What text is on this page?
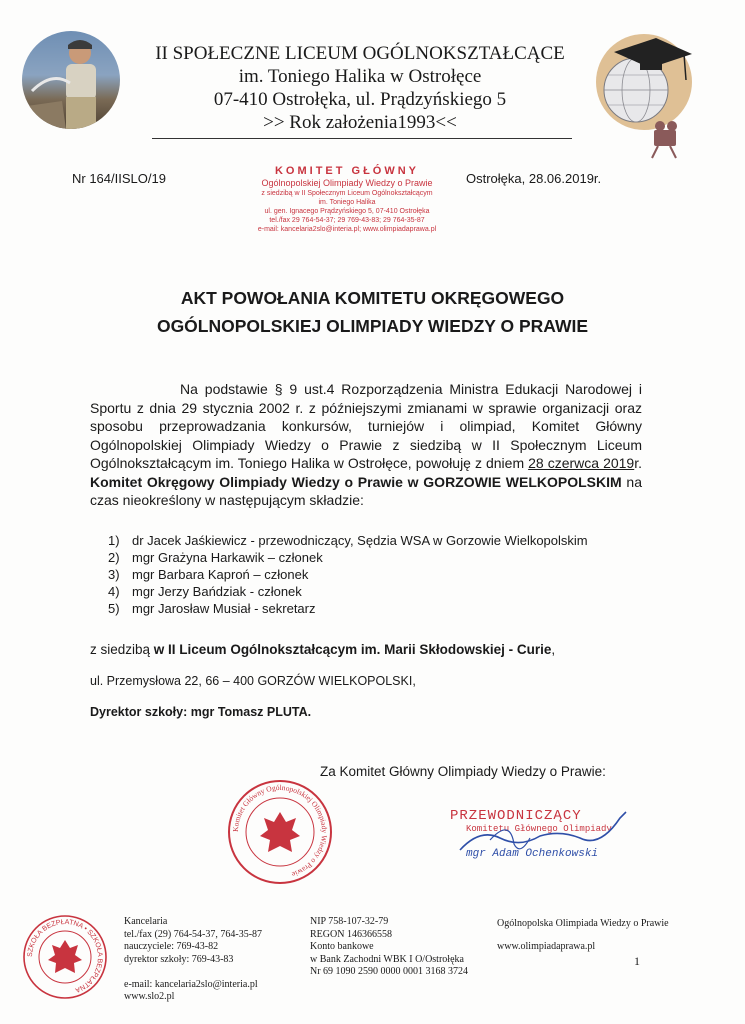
II SPOŁECZNE LICEUM OGÓLNOKSZTAŁCĄCE
im. Toniego Halika w Ostrołęce
07-410 Ostrołęka, ul. Prądzyńskiego 5
>> Rok założenia1993<<
Nr 164/IISLO/19	Ostrołęka, 28.06.2019r.
KOMITET GŁÓWNY
Ogólnopolskiej Olimpiady Wiedzy o Prawie
z siedzibą w II Społecznym Liceum Ogólnokształcącym
im. Toniego Halika
ul. gen. Ignacego Prądzyńskiego 5, 07-410 Ostrołęka
tel./fax 29 764-54-37; 29 769-43-83; 29 764-35-87
e-mail: kancelaria2slo@interia.pl; www.olimpiadaprawa.pl
AKT POWOŁANIA KOMITETU OKRĘGOWEGO
OGÓLNOPOLSKIEJ OLIMPIADY WIEDZY O PRAWIE
Na podstawie § 9 ust.4 Rozporządzenia Ministra Edukacji Narodowej i Sportu z dnia 29 stycznia 2002 r. z późniejszymi zmianami w sprawie organizacji oraz sposobu przeprowadzania konkursów, turniejów i olimpiad, Komitet Główny Ogólnopolskiej Olimpiady Wiedzy o Prawie z siedzibą w II Społecznym Liceum Ogólnokształcącym im. Toniego Halika w Ostrołęce, powołuję z dniem 28 czerwca 2019r. Komitet Okręgowy Olimpiady Wiedzy o Prawie w GORZOWIE WELKOPOLSKIM na czas nieokreślony w następującym składzie:
1) dr Jacek Jaśkiewicz - przewodniczący, Sędzia WSA w Gorzowie Wielkopolskim
2) mgr Grażyna Harkawik – członek
3) mgr Barbara Kaproń – członek
4) mgr Jerzy Bańdziak - członek
5) mgr Jarosław Musiał - sekretarz
z siedzibą w II Liceum Ogólnokształcącym im. Marii Skłodowskiej - Curie,
ul. Przemysłowa 22, 66 – 400 GORZÓW WIELKOPOLSKI,
Dyrektor szkoły: mgr Tomasz PLUTA.
Za Komitet Główny Olimpiady Wiedzy o Prawie:
Komitet Główny Ogólnopolskiej Olimpiady Wiedzy o Prawie
PRZEWODNICZĄCY
Komitetu Głównego Olimpiady
mgr Adam Ochenkowski
SZKOŁA BEZPŁATNA • SZKOŁA BEZPŁATNA
Kancelaria
tel./fax (29) 764-54-37, 764-35-87
nauczyciele: 769-43-82
dyrektor szkoły: 769-43-83
e-mail: kancelaria2slo@interia.pl
www.slo2.pl
NIP 758-107-32-79
REGON 146366558
Konto bankowe
w Bank Zachodni WBK I O/Ostrołęka
Nr 69 1090 2590 0000 0001 3168 3724
Ogólnopolska Olimpiada Wiedzy o Prawie
www.olimpiadaprawa.pl
1
